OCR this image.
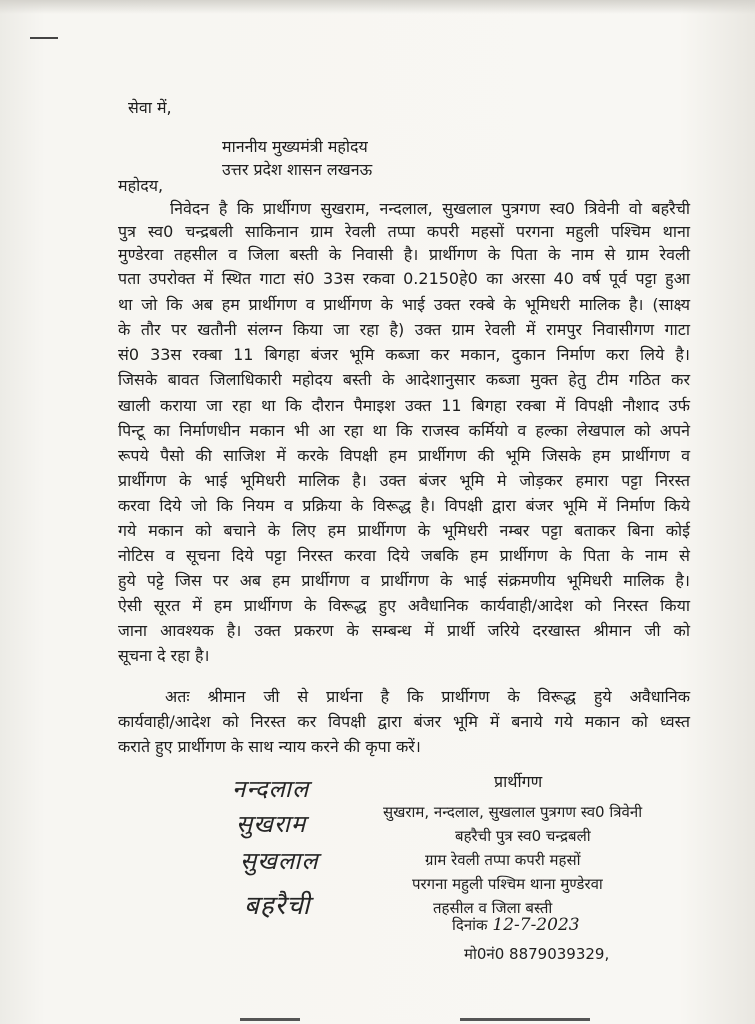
सेवा में,
माननीय मुख्यमंत्री महोदय
उत्तर प्रदेश शासन लखनऊ
महोदय,
निवेदन है कि प्रार्थीगण सुखराम, नन्दलाल, सुखलाल पुत्रगण स्व0 त्रिवेनी वो बहरैची
पुत्र स्व0 चन्द्रबली साकिनान ग्राम रेवली तप्पा कपरी महसों परगना महुली पश्चिम थाना
मुण्डेरवा तहसील व जिला बस्ती के निवासी है। प्रार्थीगण के पिता के नाम से ग्राम रेवली
पता उपरोक्त में स्थित गाटा सं0 33स रकवा 0.2150हे0 का अरसा 40 वर्ष पूर्व पट्टा हुआ
था जो कि अब हम प्रार्थीगण व प्रार्थीगण के भाई उक्त रक्बे के भूमिधरी मालिक है। (साक्ष्य
के तौर पर खतौनी संलग्न किया जा रहा है) उक्त ग्राम रेवली में रामपुर निवासीगण गाटा
सं0 33स रक्बा 11 बिगहा बंजर भूमि कब्जा कर मकान, दुकान निर्माण करा लिये है।
जिसके बावत जिलाधिकारी महोदय बस्ती के आदेशानुसार कब्जा मुक्त हेतु टीम गठित कर
खाली कराया जा रहा था कि दौरान पैमाइश उक्त 11 बिगहा रक्बा में विपक्षी नौशाद उर्फ
पिन्टू का निर्माणधीन मकान भी आ रहा था कि राजस्व कर्मियो व हल्का लेखपाल को अपने
रूपये पैसो की साजिश में करके विपक्षी हम प्रार्थीगण की भूमि जिसके हम प्रार्थीगण व
प्रार्थीगण के भाई भूमिधरी मालिक है। उक्त बंजर भूमि मे जोड़कर हमारा पट्टा निरस्त
करवा दिये जो कि नियम व प्रक्रिया के विरूद्ध है। विपक्षी द्वारा बंजर भूमि में निर्माण किये
गये मकान को बचाने के लिए हम प्रार्थीगण के भूमिधरी नम्बर पट्टा बताकर बिना कोई
नोटिस व सूचना दिये पट्टा निरस्त करवा दिये जबकि हम प्रार्थीगण के पिता के नाम से
हुये पट्टे जिस पर अब हम प्रार्थीगण व प्रार्थीगण के भाई संक्रमणीय भूमिधरी मालिक है।
ऐसी सूरत में हम प्रार्थीगण के विरूद्ध हुए अवैधानिक कार्यवाही/आदेश को निरस्त किया
जाना आवश्यक है। उक्त प्रकरण के सम्बन्ध में प्रार्थी जरिये दरखास्त श्रीमान जी को
सूचना दे रहा है।
अतः श्रीमान जी से प्रार्थना है कि प्रार्थीगण के विरूद्ध हुये अवैधानिक
कार्यवाही/आदेश को निरस्त कर विपक्षी द्वारा बंजर भूमि में बनाये गये मकान को ध्वस्त
कराते हुए प्रार्थीगण के साथ न्याय करने की कृपा करें।
नन्दलाल
सुखराम
सुखलाल
बहरैची
प्रार्थीगण
सुखराम, नन्दलाल, सुखलाल पुत्रगण स्व0 त्रिवेनी
बहरैची पुत्र स्व0 चन्द्रबली
ग्राम रेवली तप्पा कपरी महसों
परगना महुली पश्चिम थाना मुण्डेरवा
तहसील व जिला बस्ती
दिनांक 12-7-2023
मो0नं0 8879039329,
